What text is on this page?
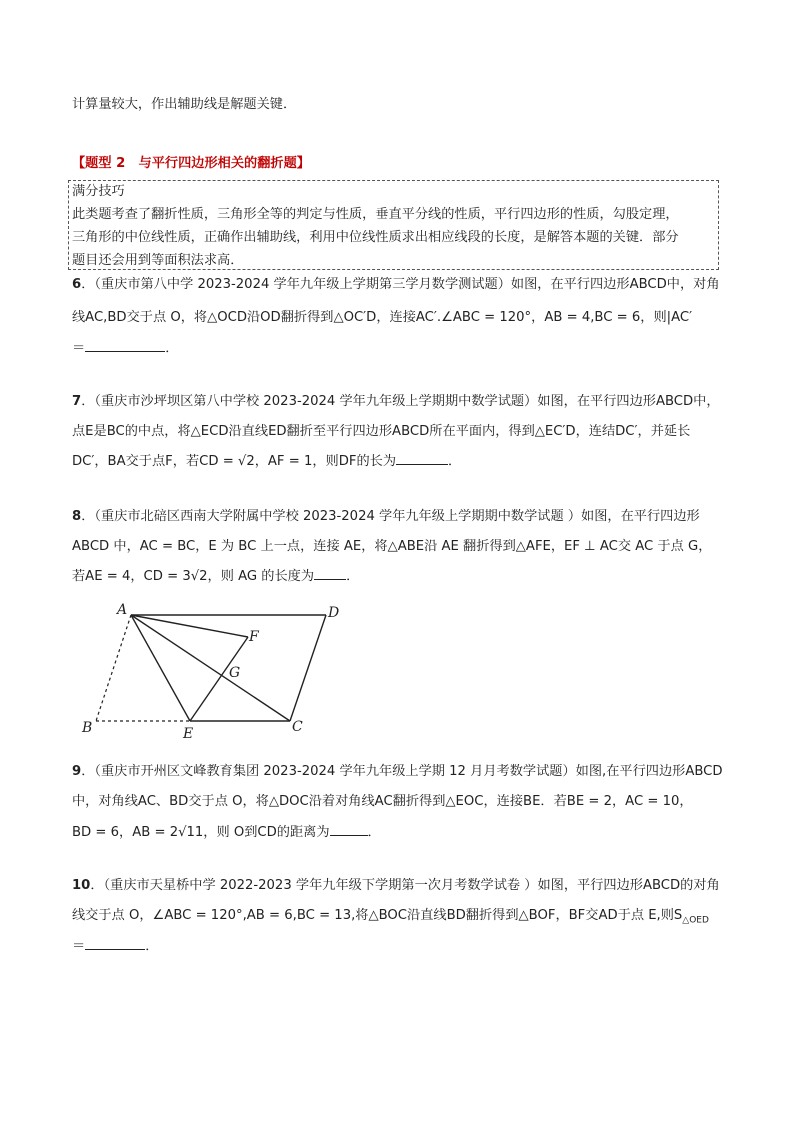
计算量较大，作出辅助线是解题关键．
【题型 2　与平行四边形相关的翻折题】
满分技巧
此类题考查了翻折性质，三角形全等的判定与性质，垂直平分线的性质，平行四边形的性质，勾股定理，
三角形的中位线性质，正确作出辅助线，利用中位线性质求出相应线段的长度，是解答本题的关键．部分
题目还会用到等面积法求高．
6．（重庆市第八中学 2023-2024 学年九年级上学期第三学月数学测试题）如图，在平行四边形ABCD中，对角
线AC,BD交于点 O，将△OCD沿OD翻折得到△OC′D，连接AC′.∠ABC = 120°，AB = 4,BC = 6，则|AC′
＝	．
7．（重庆市沙坪坝区第八中学校 2023-2024 学年九年级上学期期中数学试题）如图，在平行四边形ABCD中，
点E是BC的中点，将△ECD沿直线ED翻折至平行四边形ABCD所在平面内，得到△EC′D，连结DC′，并延长
DC′，BA交于点F，若CD = √2，AF = 1，则DF的长为	．
8．（重庆市北碚区西南大学附属中学校 2023-2024 学年九年级上学期期中数学试题 ）如图，在平行四边形
ABCD 中，AC = BC，E 为 BC 上一点，连接 AE，将△ABE沿 AE 翻折得到△AFE，EF ⊥ AC交 AC 于点 G，
若AE = 4，CD = 3√2，则 AG 的长度为 ．
A	D
F
G
B	E	C
9．（重庆市开州区文峰教育集团 2023-2024 学年九年级上学期 12 月月考数学试题）如图,在平行四边形ABCD
中，对角线AC、BD交于点 O，将△DOC沿着对角线AC翻折得到△EOC，连接BE．若BE = 2，AC = 10，
BD = 6，AB = 2√11，则 O到CD的距离为	．
10．（重庆市天星桥中学 2022-2023 学年九年级下学期第一次月考数学试卷 ）如图，平行四边形ABCD的对角
线交于点 O，∠ABC = 120°,AB = 6,BC = 13,将△BOC沿直线BD翻折得到△BOF，BF交AD于点 E,则$S_{\triangle OED}$
＝	．
